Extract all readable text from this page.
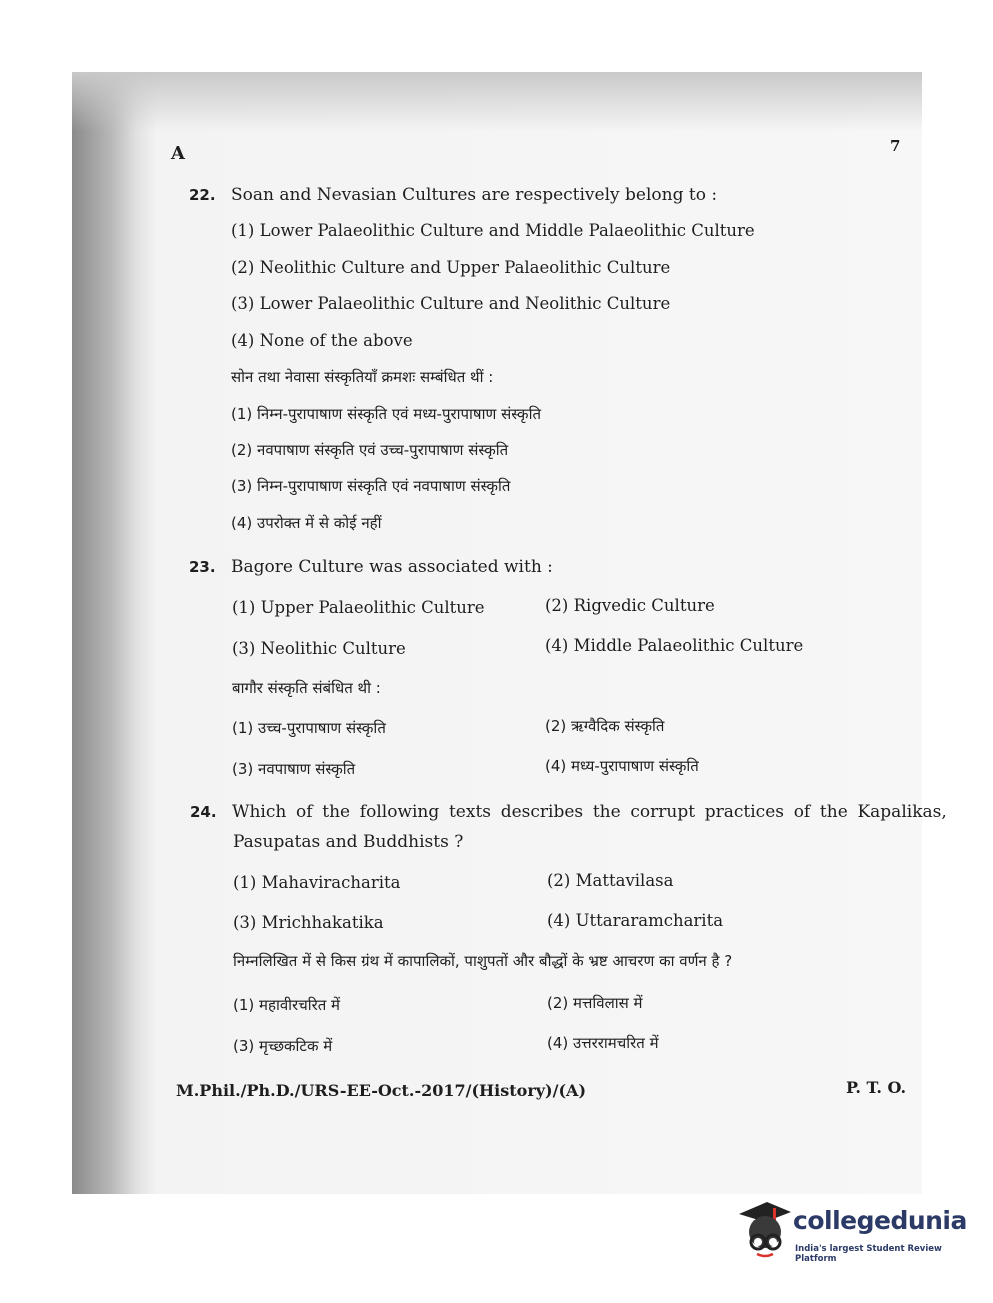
A	7
22. Soan and Nevasian Cultures are respectively belong to :
(1) Lower Palaeolithic Culture and Middle Palaeolithic Culture
(2) Neolithic Culture and Upper Palaeolithic Culture
(3) Lower Palaeolithic Culture and Neolithic Culture
(4) None of the above
सोन तथा नेवासा संस्कृतियाँ क्रमशः सम्बंधित थीं :
(1) निम्न-पुरापाषाण संस्कृति एवं मध्य-पुरापाषाण संस्कृति
(2) नवपाषाण संस्कृति एवं उच्च-पुरापाषाण संस्कृति
(3) निम्न-पुरापाषाण संस्कृति एवं नवपाषाण संस्कृति
(4) उपरोक्त में से कोई नहीं
23. Bagore Culture was associated with :
(1) Upper Palaeolithic Culture	(2) Rigvedic Culture
(3) Neolithic Culture	(4) Middle Palaeolithic Culture
बागौर संस्कृति संबंधित थी :
(1) उच्च-पुरापाषाण संस्कृति	(2) ऋग्वैदिक संस्कृति
(3) नवपाषाण संस्कृति	(4) मध्य-पुरापाषाण संस्कृति
24. Which of the following texts describes the corrupt practices of the Kapalikas,
Pasupatas and Buddhists ?
(1) Mahaviracharita	(2) Mattavilasa
(3) Mrichhakatika	(4) Uttararamcharita
निम्नलिखित में से किस ग्रंथ में कापालिकों, पाशुपतों और बौद्धों के भ्रष्ट आचरण का वर्णन है ?
(1) महावीरचरित में	(2) मत्तविलास में
(3) मृच्छकटिक में	(4) उत्तररामचरित में
M.Phil./Ph.D./URS-EE-Oct.-2017/(History)/(A)	P. T. O.
collegedunia
India's largest Student Review Platform
